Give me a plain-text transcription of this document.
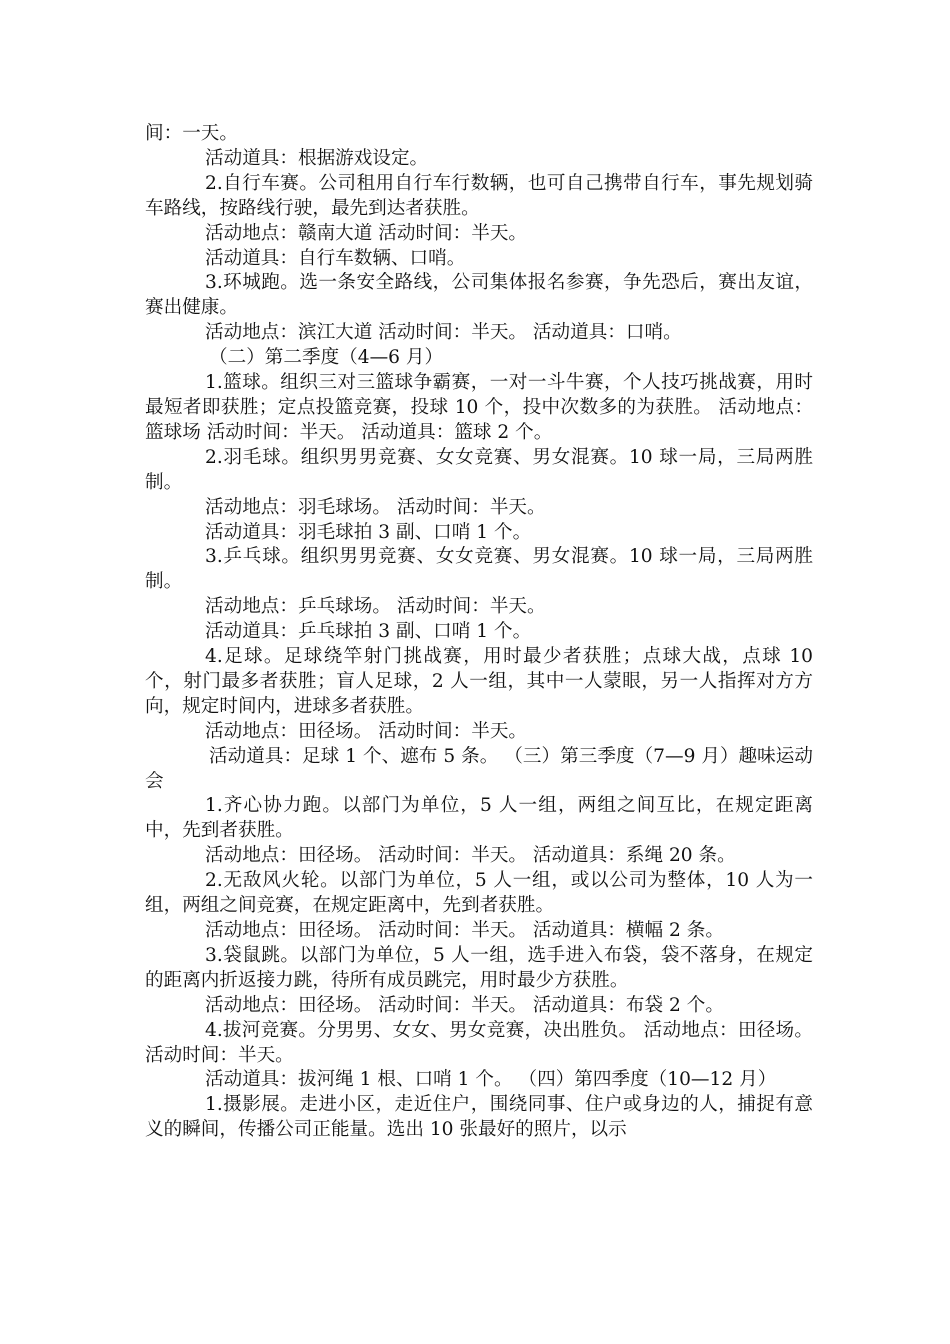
间：一天。

活动道具：根据游戏设定。

2.自行车赛。公司租用自行车行数辆，也可自己携带自行车，事先规划骑车路线，按路线行驶，最先到达者获胜。

活动地点：赣南大道 活动时间：半天。

活动道具：自行车数辆、口哨。

3.环城跑。选一条安全路线，公司集体报名参赛，争先恐后，赛出友谊，赛出健康。

活动地点：滨江大道 活动时间：半天。 活动道具：口哨。

（二）第二季度（4—6 月）

1.篮球。组织三对三篮球争霸赛，一对一斗牛赛，个人技巧挑战赛，用时最短者即获胜；定点投篮竞赛，投球 10 个，投中次数多的为获胜。 活动地点：篮球场 活动时间：半天。 活动道具：篮球 2 个。

2.羽毛球。组织男男竞赛、女女竞赛、男女混赛。10 球一局，三局两胜制。

活动地点：羽毛球场。 活动时间：半天。

活动道具：羽毛球拍 3 副、口哨 1 个。

3.乒乓球。组织男男竞赛、女女竞赛、男女混赛。10 球一局，三局两胜制。

活动地点：乒乓球场。 活动时间：半天。

活动道具：乒乓球拍 3 副、口哨 1 个。

4.足球。足球绕竿射门挑战赛，用时最少者获胜；点球大战，点球 10 个，射门最多者获胜；盲人足球，2 人一组，其中一人蒙眼，另一人指挥对方方向，规定时间内，进球多者获胜。

活动地点：田径场。 活动时间：半天。

活动道具：足球 1 个、遮布 5 条。 （三）第三季度（7—9 月）趣味运动会

1.齐心协力跑。以部门为单位，5 人一组，两组之间互比，在规定距离中，先到者获胜。

活动地点：田径场。 活动时间：半天。 活动道具：系绳 20 条。

2.无敌风火轮。以部门为单位，5 人一组，或以公司为整体，10 人为一组，两组之间竞赛，在规定距离中，先到者获胜。

活动地点：田径场。 活动时间：半天。 活动道具：横幅 2 条。

3.袋鼠跳。以部门为单位，5 人一组，选手进入布袋，袋不落身，在规定的距离内折返接力跳，待所有成员跳完，用时最少方获胜。

活动地点：田径场。 活动时间：半天。 活动道具：布袋 2 个。

4.拔河竞赛。分男男、女女、男女竞赛，决出胜负。 活动地点：田径场。 活动时间：半天。

活动道具：拔河绳 1 根、口哨 1 个。 （四）第四季度（10—12 月）

1.摄影展。走进小区，走近住户，围绕同事、住户或身边的人，捕捉有意义的瞬间，传播公司正能量。选出 10 张最好的照片，以示
